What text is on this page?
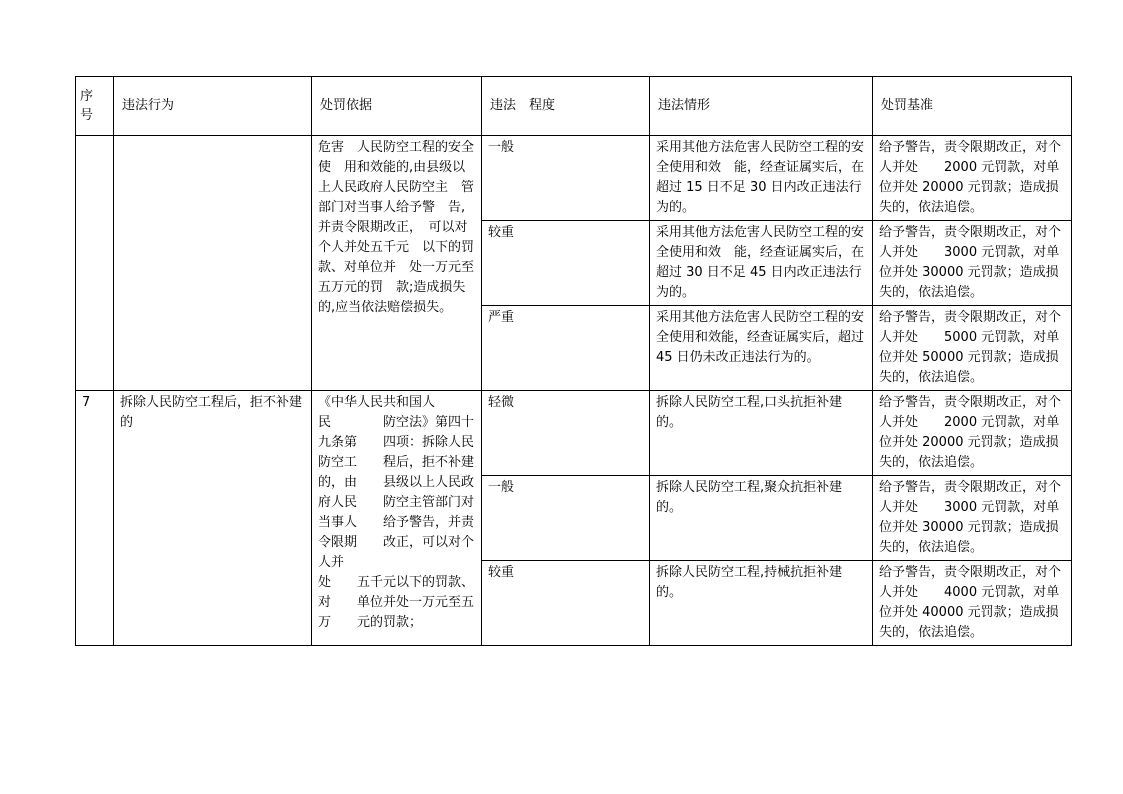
序
号	违法行为	处罚依据	违法　程度	违法情形	处罚基准
		危害　人民防空工程的安全使　用和效能的,由县级以　上人民政府人民防空主　管部门对当事人给予警　告,并责令限期改正，　可以对个人并处五千元　以下的罚款、对单位并　处一万元至五万元的罚　款;造成损失的,应当依法赔偿损失。	一般	采用其他方法危害人民防空工程的安全使用和效　能，经查证属实后，在超过 15 日不足 30 日内改正违法行为的。	给予警告，责令限期改正，对个人并处　　2000 元罚款，对单位并处 20000 元罚款；造成损失的，依法追偿。
			较重	采用其他方法危害人民防空工程的安全使用和效　能，经查证属实后，在超过 30 日不足 45 日内改正违法行为的。	给予警告，责令限期改正，对个人并处　　3000 元罚款，对单位并处 30000 元罚款；造成损失的，依法追偿。
			严重	采用其他方法危害人民防空工程的安全使用和效能，经查证属实后，超过 45 日仍未改正违法行为的。	给予警告，责令限期改正，对个人并处　　5000 元罚款，对单位并处 50000 元罚款；造成损失的，依法追偿。
7	拆除人民防空工程后，拒不补建的	《中华人民共和国人
民　　　　防空法》第四十九条第　　四项：拆除人民防空工　　程后，拒不补建的，由　　县级以上人民政府人民　　防空主管部门对当事人　　给予警告，并责令限期　　改正，可以对个人并
处　　五千元以下的罚款、对　　单位并处一万元至五万　　元的罚款；	轻微	拆除人民防空工程,口头抗拒补建的。	给予警告，责令限期改正，对个人并处　　2000 元罚款，对单位并处 20000 元罚款；造成损失的，依法追偿。
			一般	拆除人民防空工程,聚众抗拒补建的。	给予警告，责令限期改正，对个人并处　　3000 元罚款，对单位并处 30000 元罚款；造成损失的，依法追偿。
			较重	拆除人民防空工程,持械抗拒补建的。	给予警告，责令限期改正，对个人并处　　4000 元罚款，对单位并处 40000 元罚款；造成损失的，依法追偿。
